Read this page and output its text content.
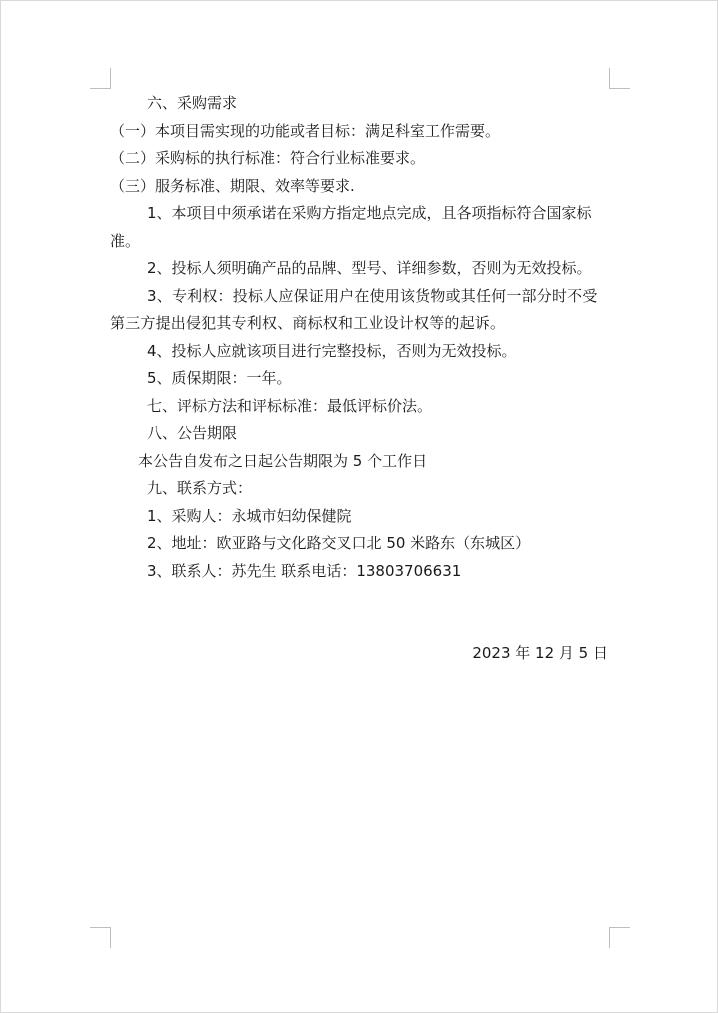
六、采购需求
（一）本项目需实现的功能或者目标：满足科室工作需要。
（二）采购标的执行标准：符合行业标准要求。
（三）服务标准、期限、效率等要求.
1、本项目中须承诺在采购方指定地点完成，且各项指标符合国家标准。
2、投标人须明确产品的品牌、型号、详细参数，否则为无效投标。
3、专利权：投标人应保证用户在使用该货物或其任何一部分时不受第三方提出侵犯其专利权、商标权和工业设计权等的起诉。
4、投标人应就该项目进行完整投标，否则为无效投标。
5、质保期限：一年。
七、评标方法和评标标准：最低评标价法。
八、公告期限
本公告自发布之日起公告期限为 5 个工作日
九、联系方式：
1、采购人：永城市妇幼保健院
2、地址：欧亚路与文化路交叉口北 50 米路东（东城区）
3、联系人：苏先生 联系电话：13803706631
2023 年 12 月 5 日
